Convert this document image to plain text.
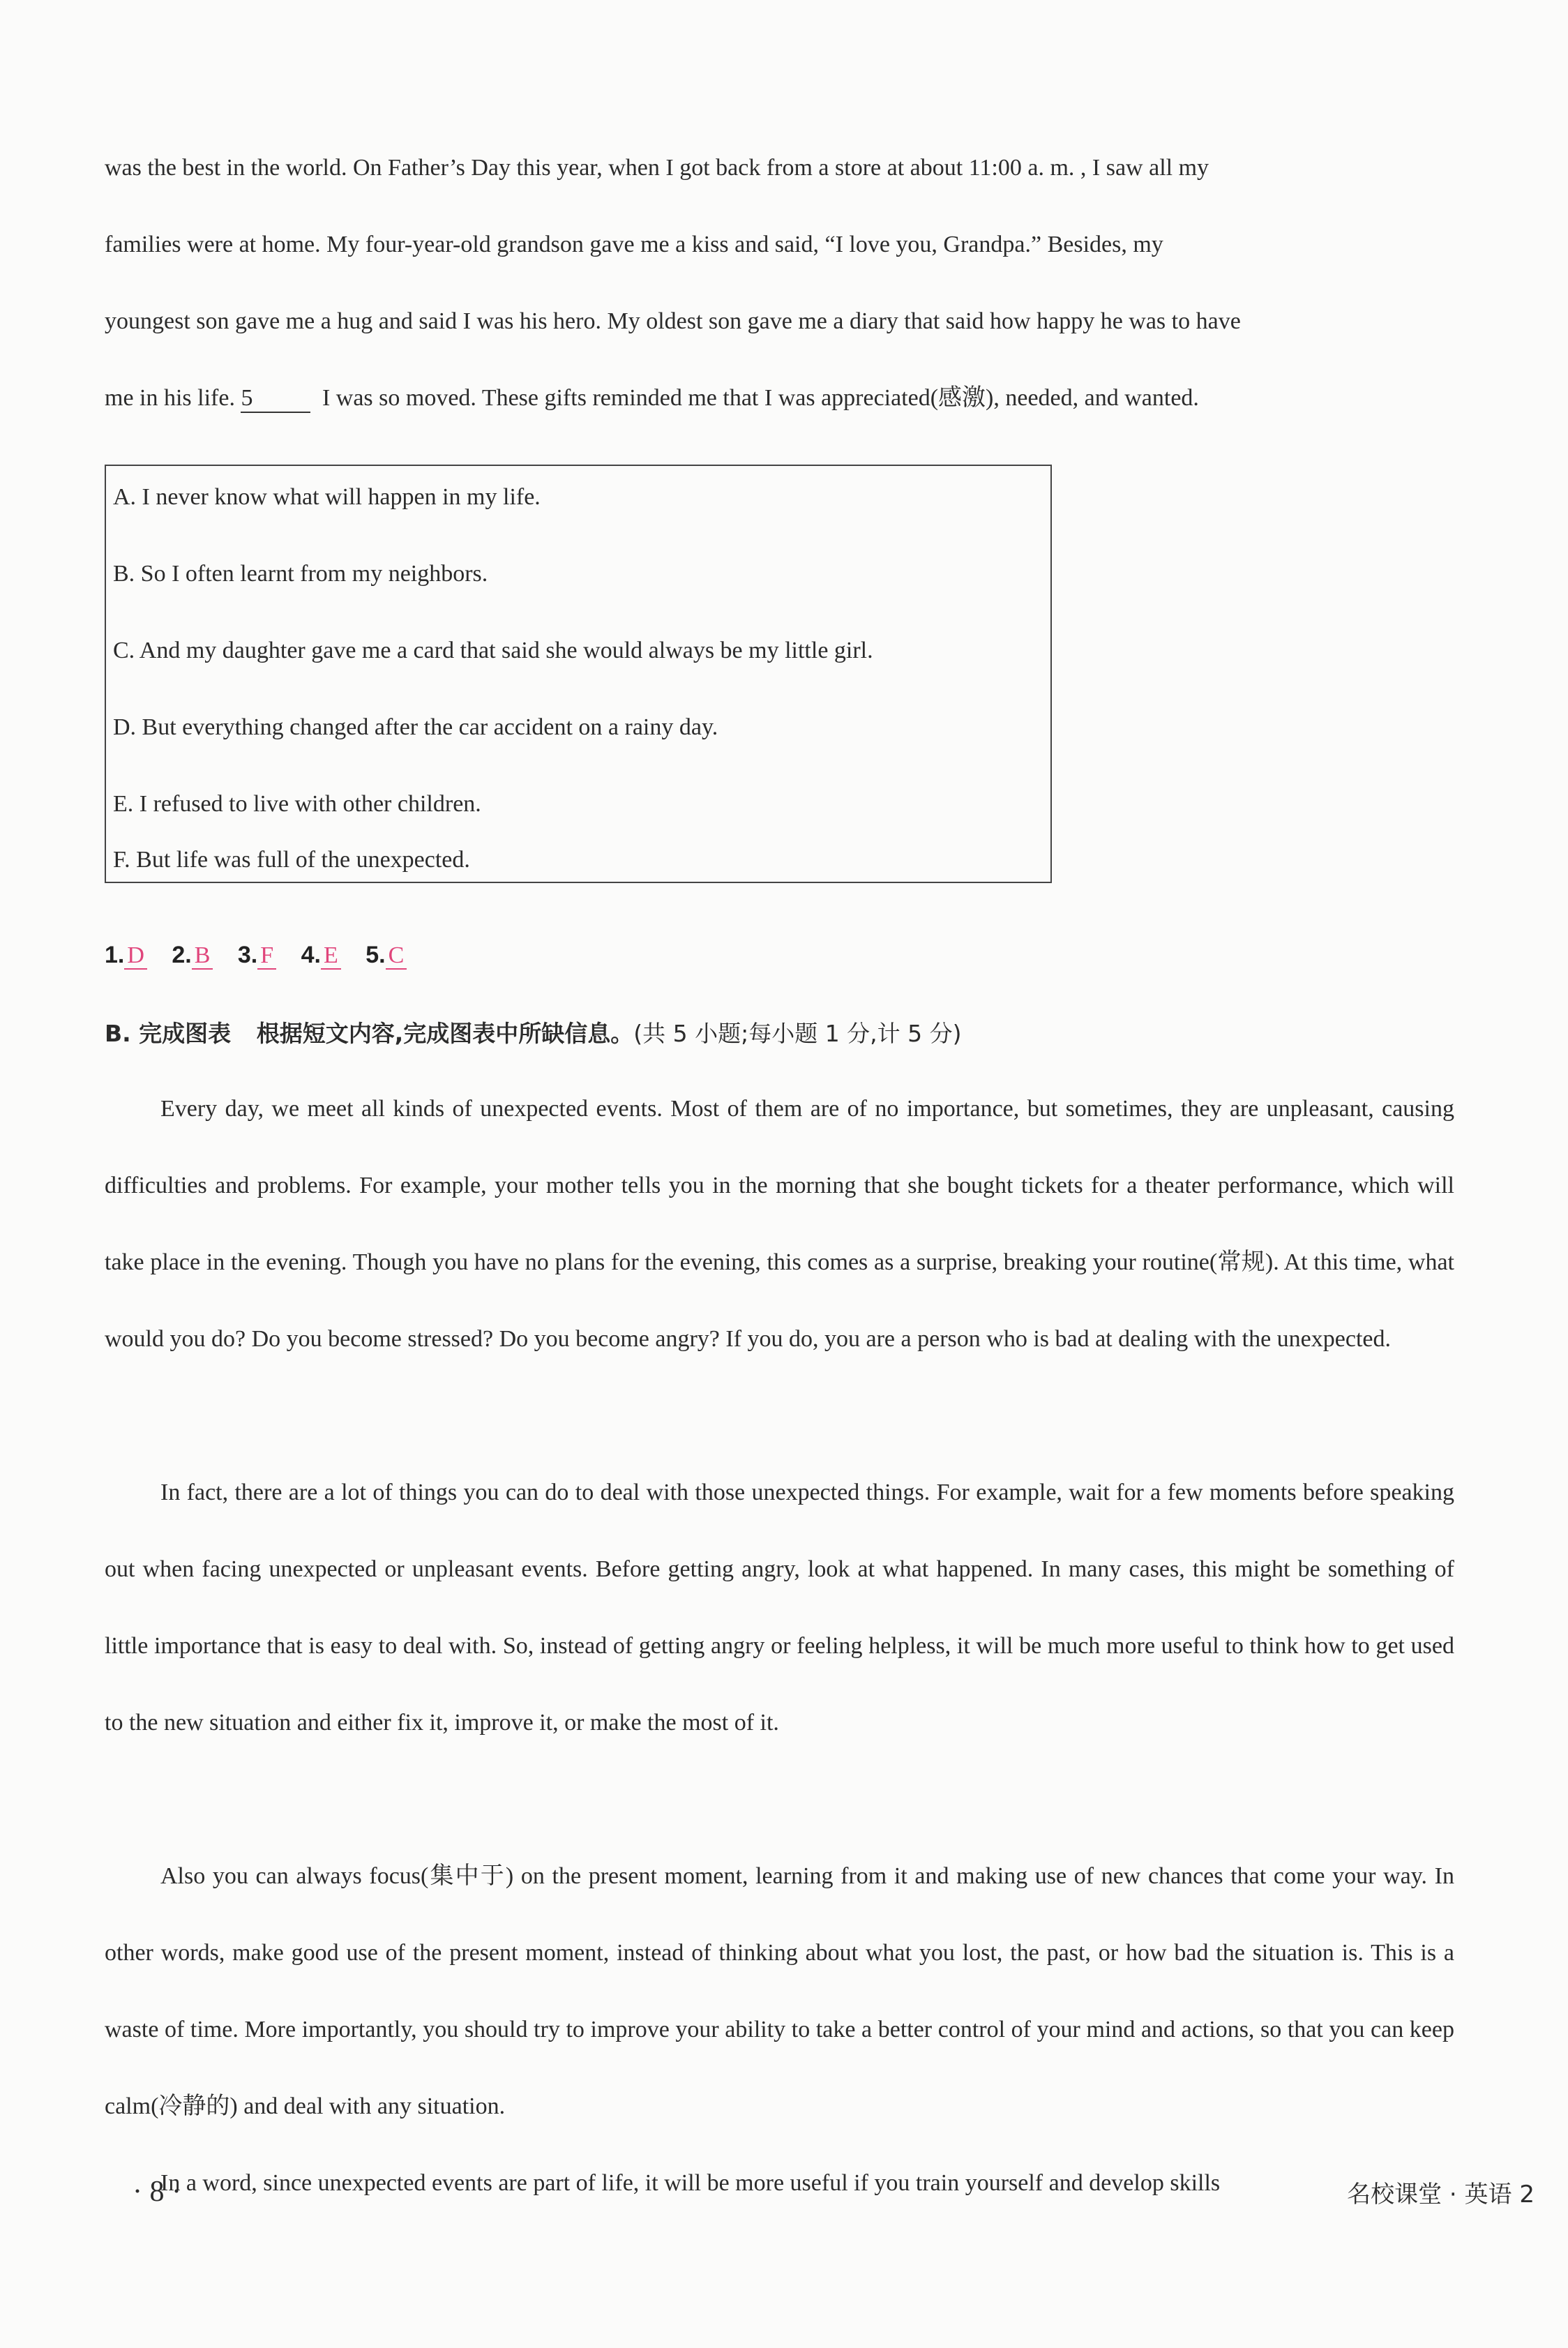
was the best in the world. On Father’s Day this year, when I got back from a store at about 11:00 a. m. , I saw all my

families were at home. My four-year-old grandson gave me a kiss and said, “I love you, Grandpa.” Besides, my

youngest son gave me a hug and said I was his hero. My oldest son gave me a diary that said how happy he was to have

me in his life. 5	I was so moved. These gifts reminded me that I was appreciated(感激), needed, and wanted.

A. I never know what will happen in my life.
B. So I often learnt from my neighbors.
C. And my daughter gave me a card that said she would always be my little girl.
D. But everything changed after the car accident on a rainy day.
E. I refused to live with other children.
F. But life was full of the unexpected.
1. D 2. B 3. F 4. E 5. C
B. 完成图表 根据短文内容,完成图表中所缺信息。(共 5 小题;每小题 1 分,计 5 分)

Every day, we meet all kinds of unexpected events. Most of them are of no importance, but sometimes, they are unpleasant, causing difficulties and problems. For example, your mother tells you in the morning that she bought tickets for a theater performance, which will take place in the evening. Though you have no plans for the evening, this comes as a surprise, breaking your routine(常规). At this time, what would you do? Do you become stressed? Do you become angry? If you do, you are a person who is bad at dealing with the unexpected.

In fact, there are a lot of things you can do to deal with those unexpected things. For example, wait for a few moments before speaking out when facing unexpected or unpleasant events. Before getting angry, look at what happened. In many cases, this might be something of little importance that is easy to deal with. So, instead of getting angry or feeling helpless, it will be much more useful to think how to get used to the new situation and either fix it, improve it, or make the most of it.

Also you can always focus(集中于) on the present moment, learning from it and making use of new chances that come your way. In other words, make good use of the present moment, instead of thinking about what you lost, the past, or how bad the situation is. This is a waste of time. More importantly, you should try to improve your ability to take a better control of your mind and actions, so that you can keep calm(冷静的) and deal with any situation.

In a word, since unexpected events are part of life, it will be more useful if you train yourself and develop skills

· 8 ·	名校课堂 · 英语 2
